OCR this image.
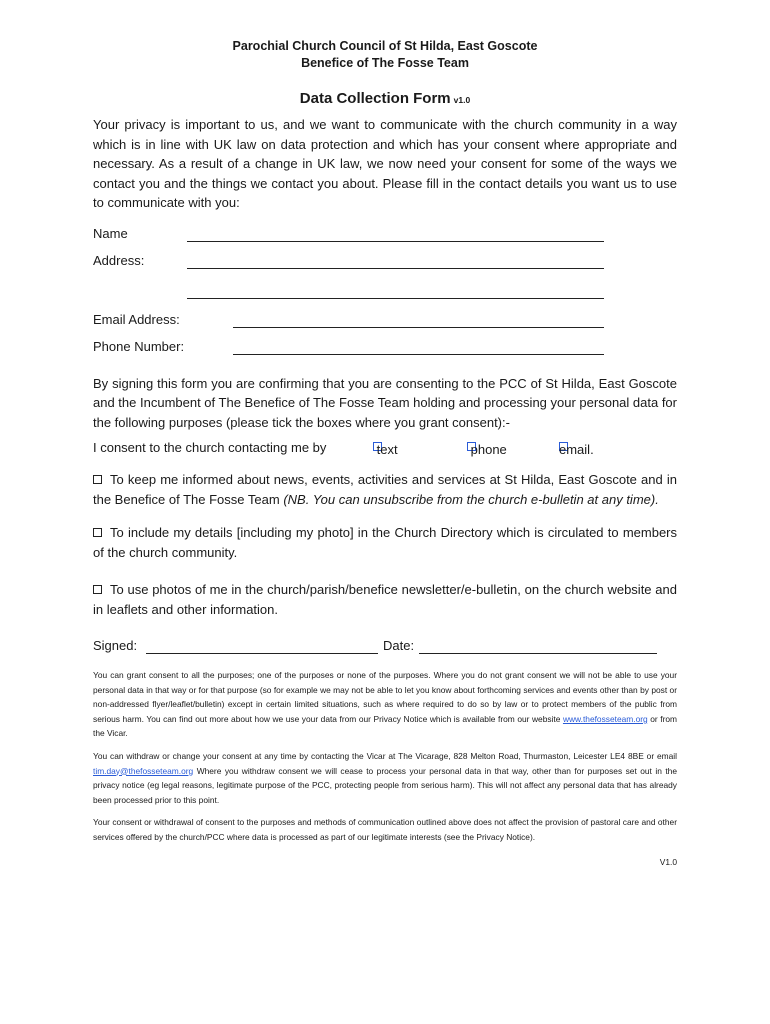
Parochial Church Council of St Hilda, East Goscote
Benefice of The Fosse Team
Data Collection Form v1.0

Your privacy is important to us, and we want to communicate with the church community in a way which is in line with UK law on data protection and which has your consent where appropriate and necessary. As a result of a change in UK law, we now need your consent for some of the ways we contact you and the things we contact you about. Please fill in the contact details you want us to use to communicate with you:

Name
Address:
Email Address:
Phone Number:

By signing this form you are confirming that you are consenting to the PCC of St Hilda, East Goscote and the Incumbent of The Benefice of The Fosse Team holding and processing your personal data for the following purposes (please tick the boxes where you grant consent):-

I consent to the church contacting me by
	text
	phone	email.

To keep me informed about news, events, activities and services at St Hilda, East Goscote and in the Benefice of The Fosse Team (NB. You can unsubscribe from the church e-bulletin at any time).

To include my details [including my photo] in the Church Directory which is circulated to members of the church community.

To use photos of me in the church/parish/benefice newsletter/e-bulletin, on the church website and in leaflets and other information.

Signed:	Date:

You can grant consent to all the purposes; one of the purposes or none of the purposes. Where you do not grant consent we will not be able to use your personal data in that way or for that purpose (so for example we may not be able to let you know about forthcoming services and events other than by post or non-addressed flyer/leaflet/bulletin) except in certain limited situations, such as where required to do so by law or to protect members of the public from serious harm. You can find out more about how we use your data from our Privacy Notice which is available from our website www.thefosseteam.org or from the Vicar.

You can withdraw or change your consent at any time by contacting the Vicar at The Vicarage, 828 Melton Road, Thurmaston, Leicester LE4 8BE or email tim.day@thefosseteam.org Where you withdraw consent we will cease to process your personal data in that way, other than for purposes set out in the privacy notice (eg legal reasons, legitimate purpose of the PCC, protecting people from serious harm). This will not affect any personal data that has already been processed prior to this point.

Your consent or withdrawal of consent to the purposes and methods of communication outlined above does not affect the provision of pastoral care and other services offered by the church/PCC where data is processed as part of our legitimate interests (see the Privacy Notice).

V1.0
